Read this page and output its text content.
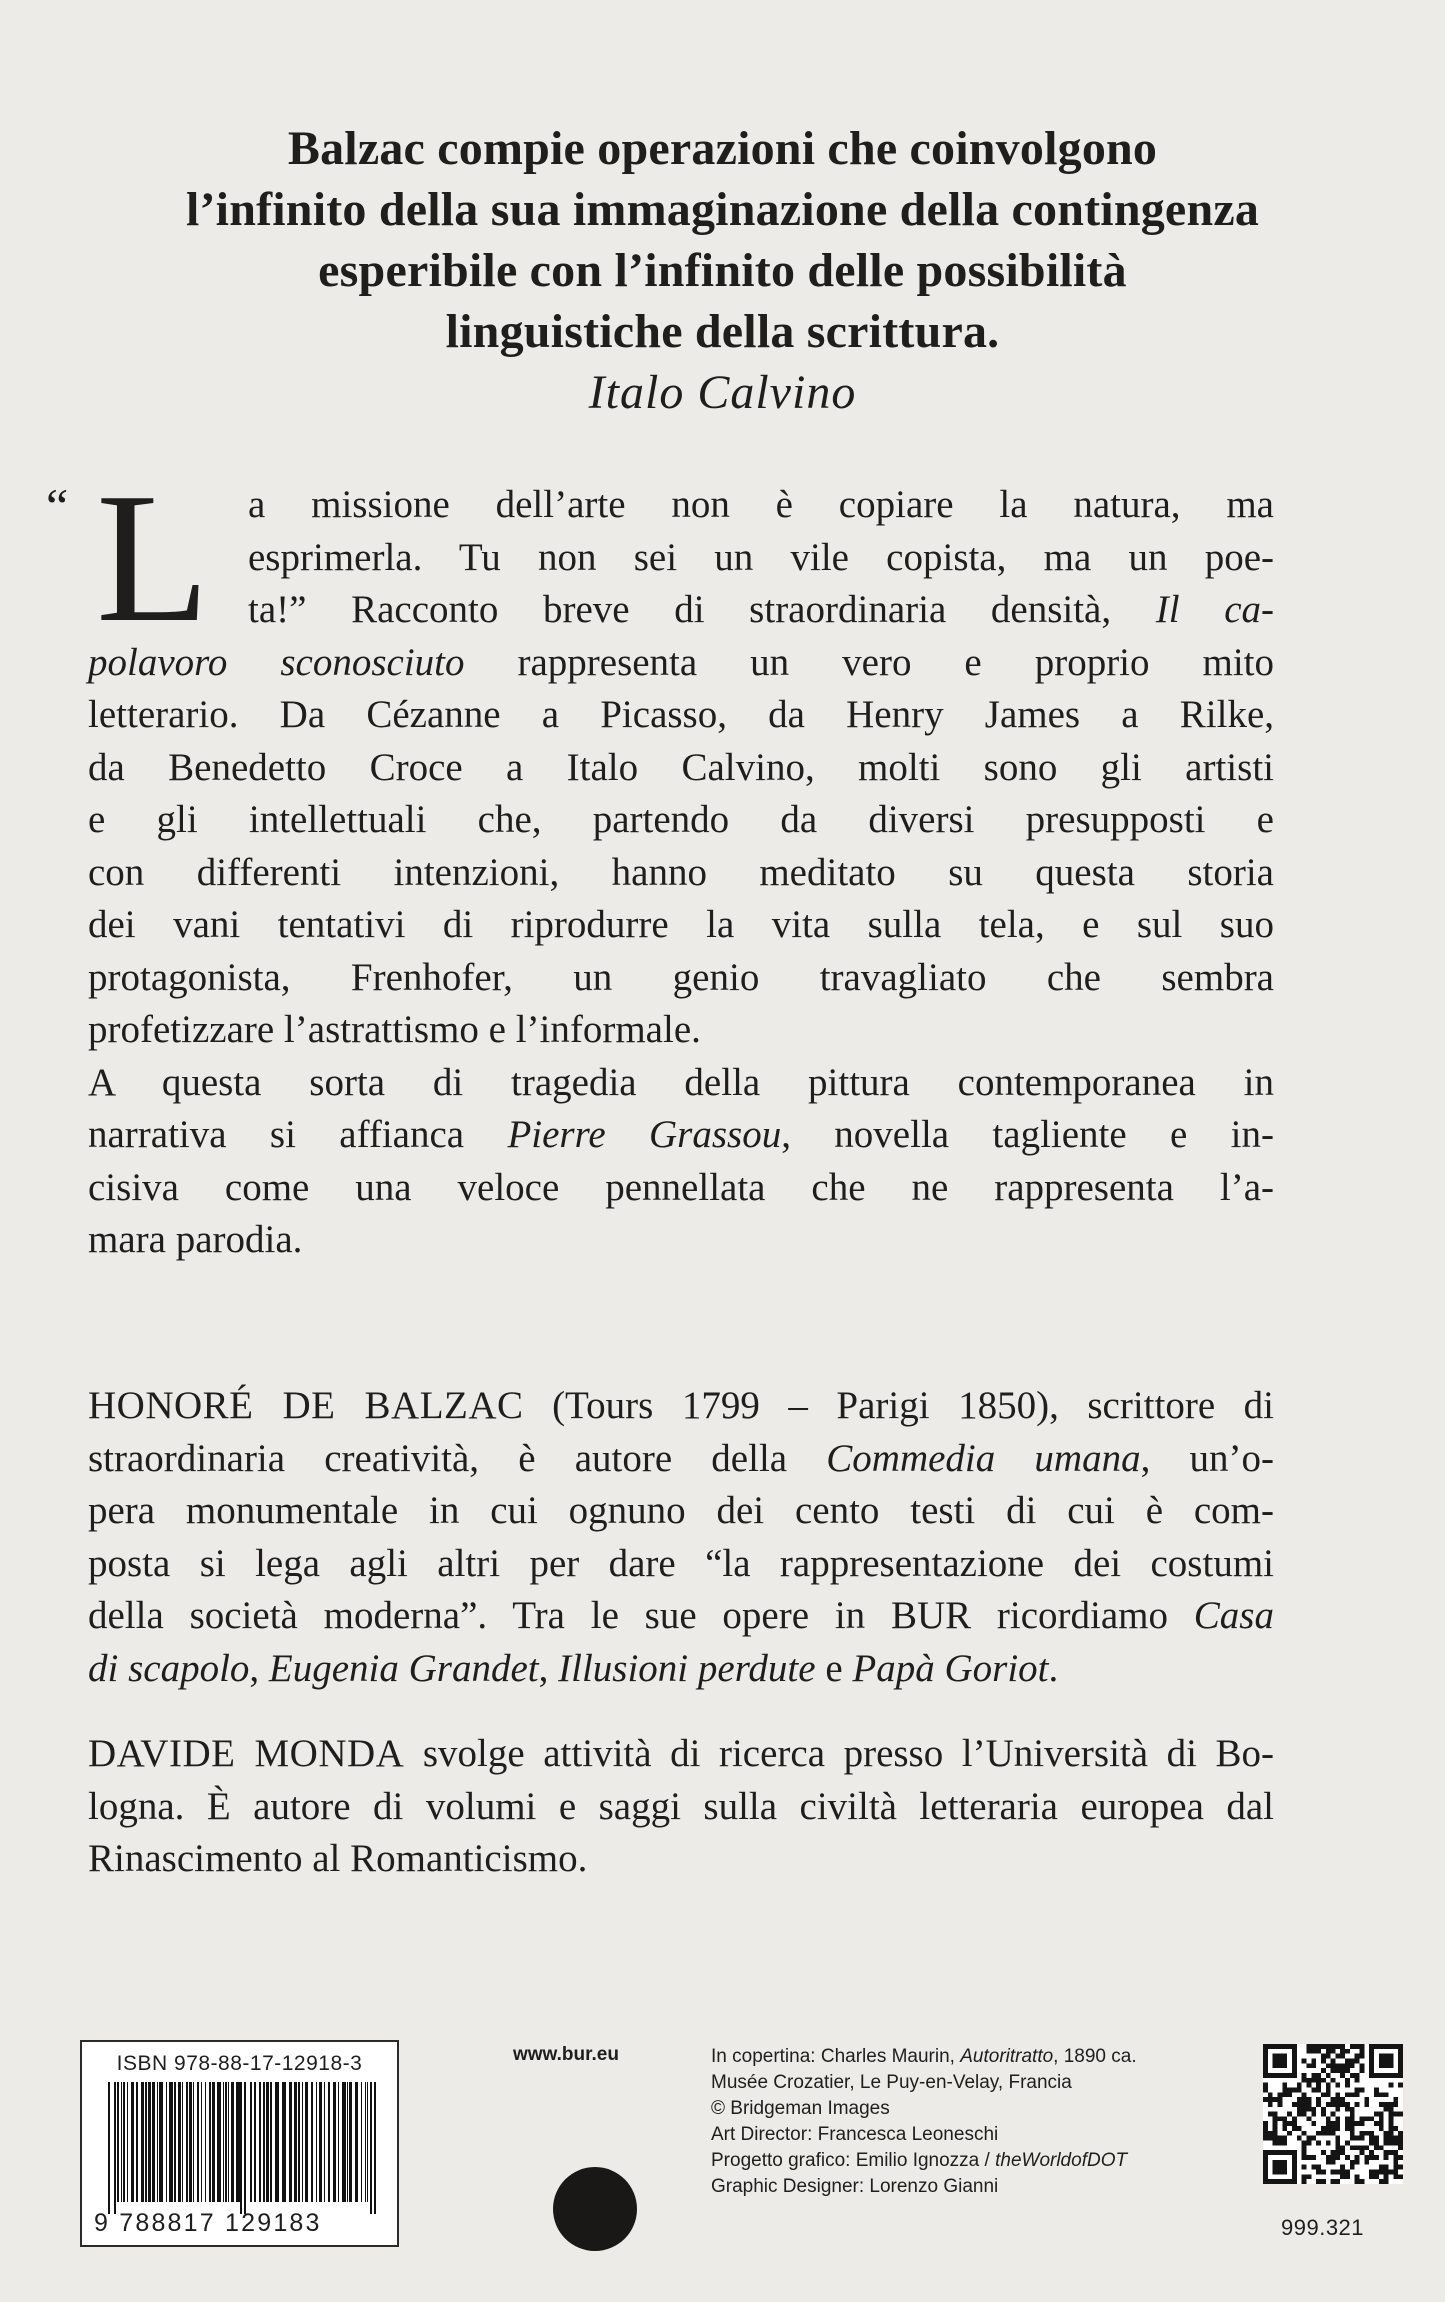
Balzac compie operazioni che coinvolgono
l’infinito della sua immaginazione della contingenza
esperibile con l’infinito delle possibilità
linguistiche della scrittura.
Italo Calvino
“ L a missione dell’arte non è copiare la natura, ma
esprimerla. Tu non sei un vile copista, ma un poe-
ta!” Racconto breve di straordinaria densità, Il ca-
polavoro sconosciuto rappresenta un vero e proprio mito
letterario. Da Cézanne a Picasso, da Henry James a Rilke,
da Benedetto Croce a Italo Calvino, molti sono gli artisti
e gli intellettuali che, partendo da diversi presupposti e
con differenti intenzioni, hanno meditato su questa storia
dei vani tentativi di riprodurre la vita sulla tela, e sul suo
protagonista, Frenhofer, un genio travagliato che sembra
profetizzare l’astrattismo e l’informale.
A questa sorta di tragedia della pittura contemporanea in
narrativa si affianca Pierre Grassou, novella tagliente e in-
cisiva come una veloce pennellata che ne rappresenta l’a-
mara parodia.
HONORÉ DE BALZAC (Tours 1799 – Parigi 1850), scrittore di
straordinaria creatività, è autore della Commedia umana, un’o-
pera monumentale in cui ognuno dei cento testi di cui è com-
posta si lega agli altri per dare “la rappresentazione dei costumi
della società moderna”. Tra le sue opere in BUR ricordiamo Casa
di scapolo, Eugenia Grandet, Illusioni perdute e Papà Goriot.
DAVIDE MONDA svolge attività di ricerca presso l’Università di Bo-
logna. È autore di volumi e saggi sulla civiltà letteraria europea dal
Rinascimento al Romanticismo.
ISBN 978-88-17-12918-3
9 788817 129183
www.bur.eu	In copertina: Charles Maurin, Autoritratto, 1890 ca.
Musée Crozatier, Le Puy-en-Velay, Francia
© Bridgeman Images
Art Director: Francesca Leoneschi
Progetto grafico: Emilio Ignozza / theWorldofDOT
Graphic Designer: Lorenzo Gianni
999.321
